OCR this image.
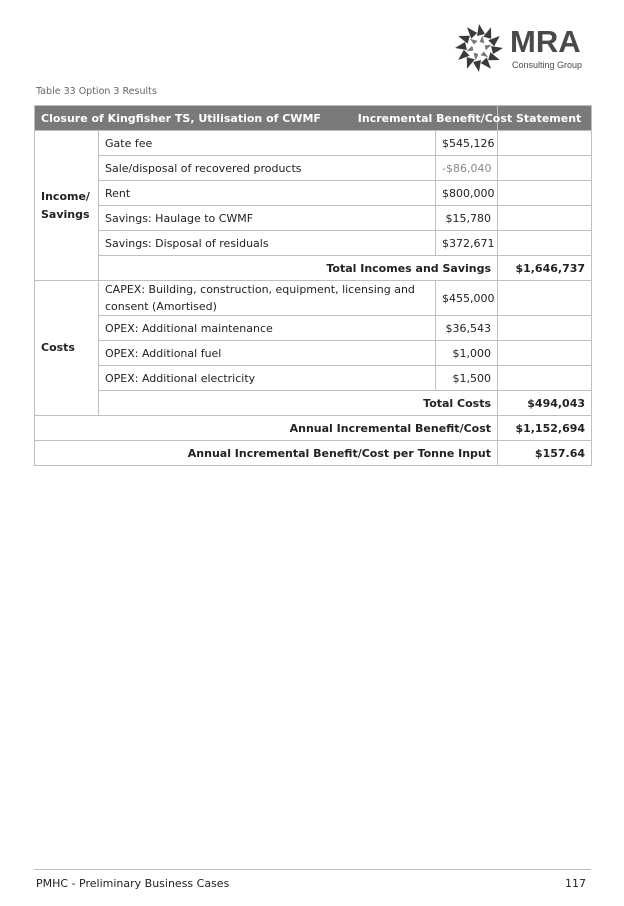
MRA
Consulting Group
Table 33 Option 3 Results
Closure of Kingfisher TS, Utilisation of CWMF			Incremental Benefit/Cost Statement

Income/ Savings	Gate fee	$545,126	
	Sale/disposal of recovered products	-$86,040	
	Rent	$800,000	
	Savings: Haulage to CWMF	$15,780	
	Savings: Disposal of residuals	$372,671	
	Total Incomes and Savings		$1,646,737
Costs	CAPEX: Building, construction, equipment, licensing and consent (Amortised)	$455,000	
	OPEX: Additional maintenance	$36,543	
	OPEX: Additional fuel	$1,000	
	OPEX: Additional electricity	$1,500	
	Total Costs		$494,043
Annual Incremental Benefit/Cost			$1,152,694
Annual Incremental Benefit/Cost per Tonne Input			$157.64
PMHC - Preliminary Business Cases	117
